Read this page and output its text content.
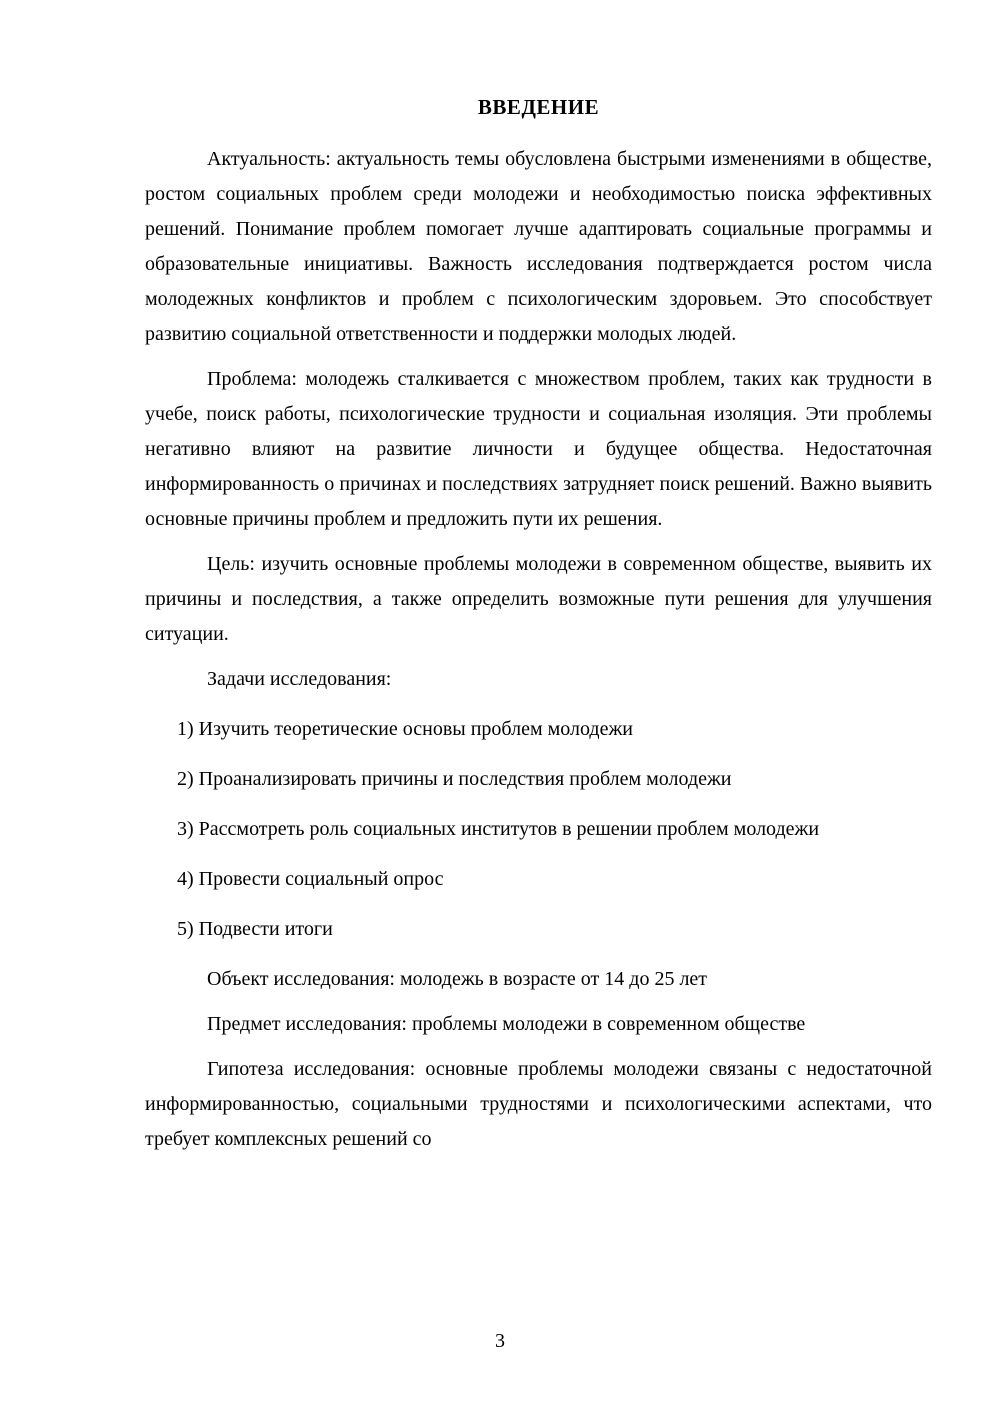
ВВЕДЕНИЕ

Актуальность: актуальность темы обусловлена быстрыми изменениями в обществе, ростом социальных проблем среди молодежи и необходимостью поиска эффективных решений. Понимание проблем помогает лучше адаптировать социальные программы и образовательные инициативы. Важность исследования подтверждается ростом числа молодежных конфликтов и проблем с психологическим здоровьем. Это способствует развитию социальной ответственности и поддержки молодых людей.

Проблема: молодежь сталкивается с множеством проблем, таких как трудности в учебе, поиск работы, психологические трудности и социальная изоляция. Эти проблемы негативно влияют на развитие личности и будущее общества. Недостаточная информированность о причинах и последствиях затрудняет поиск решений. Важно выявить основные причины проблем и предложить пути их решения.

Цель: изучить основные проблемы молодежи в современном обществе, выявить их причины и последствия, а также определить возможные пути решения для улучшения ситуации.

Задачи исследования:

1) Изучить теоретические основы проблем молодежи

2) Проанализировать причины и последствия проблем молодежи

3) Рассмотреть роль социальных институтов в решении проблем молодежи

4) Провести социальный опрос

5) Подвести итоги

Объект исследования: молодежь в возрасте от 14 до 25 лет

Предмет исследования: проблемы молодежи в современном обществе

Гипотеза исследования: основные проблемы молодежи связаны с недостаточной информированностью, социальными трудностями и психологическими аспектами, что требует комплексных решений со

3
